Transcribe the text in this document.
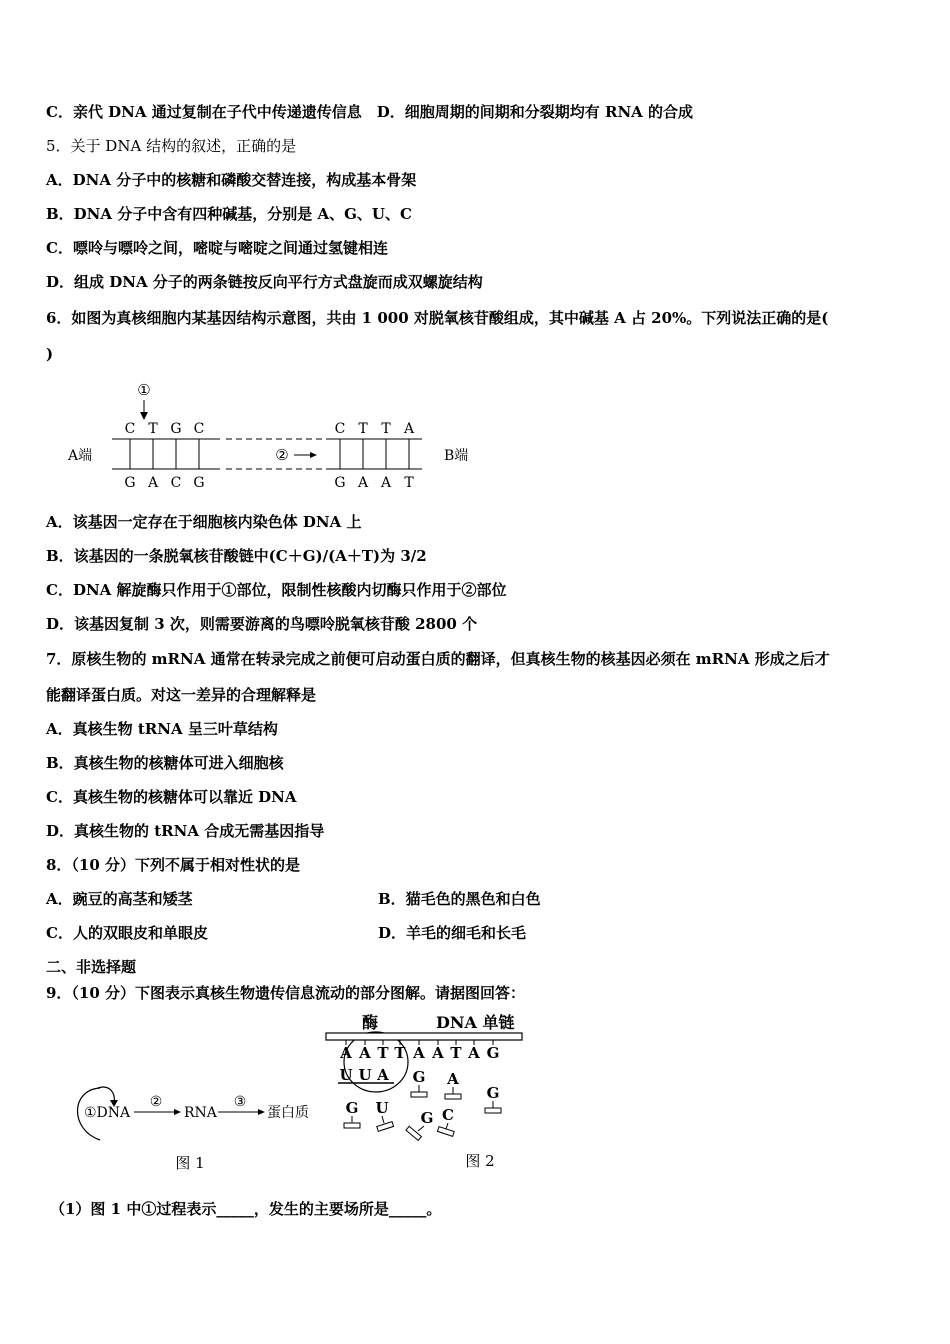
C．亲代 DNA 通过复制在子代中传递遗传信息　D．细胞周期的间期和分裂期均有 RNA 的合成
5．关于 DNA 结构的叙述，正确的是
A．DNA 分子中的核糖和磷酸交替连接，构成基本骨架
B．DNA 分子中含有四种碱基，分别是 A、G、U、C
C．嘌呤与嘌呤之间，嘧啶与嘧啶之间通过氢键相连
D．组成 DNA 分子的两条链按反向平行方式盘旋而成双螺旋结构
6．如图为真核细胞内某基因结构示意图，共由 1 000 对脱氧核苷酸组成，其中碱基 A 占 20%。下列说法正确的是(
)
①
C T G C	C T T A
A端	B端
②
G A C G	G A A T
A．该基因一定存在于细胞核内染色体 DNA 上
B．该基因的一条脱氧核苷酸链中(C＋G)/(A＋T)为 3/2
C．DNA 解旋酶只作用于①部位，限制性核酸内切酶只作用于②部位
D．该基因复制 3 次，则需要游离的鸟嘌呤脱氧核苷酸 2800 个
7．原核生物的 mRNA 通常在转录完成之前便可启动蛋白质的翻译，但真核生物的核基因必须在 mRNA 形成之后才
能翻译蛋白质。对这一差异的合理解释是
A．真核生物 tRNA 呈三叶草结构
B．真核生物的核糖体可进入细胞核
C．真核生物的核糖体可以靠近 DNA
D．真核生物的 tRNA 合成无需基因指导
8．（10 分）下列不属于相对性状的是
A．豌豆的高茎和矮茎	B．猫毛色的黑色和白色
C．人的双眼皮和单眼皮	D．羊毛的细毛和长毛
二、非选择题
9．（10 分）下图表示真核生物遗传信息流动的部分图解。请据图回答：
①DNA
②
RNA
③
蛋白质
图 1
酶	DNA 单链
A A T T A A T A G
U U A G A
G
G U
G C
图 2
（1）图 1 中①过程表示_____，发生的主要场所是_____。
